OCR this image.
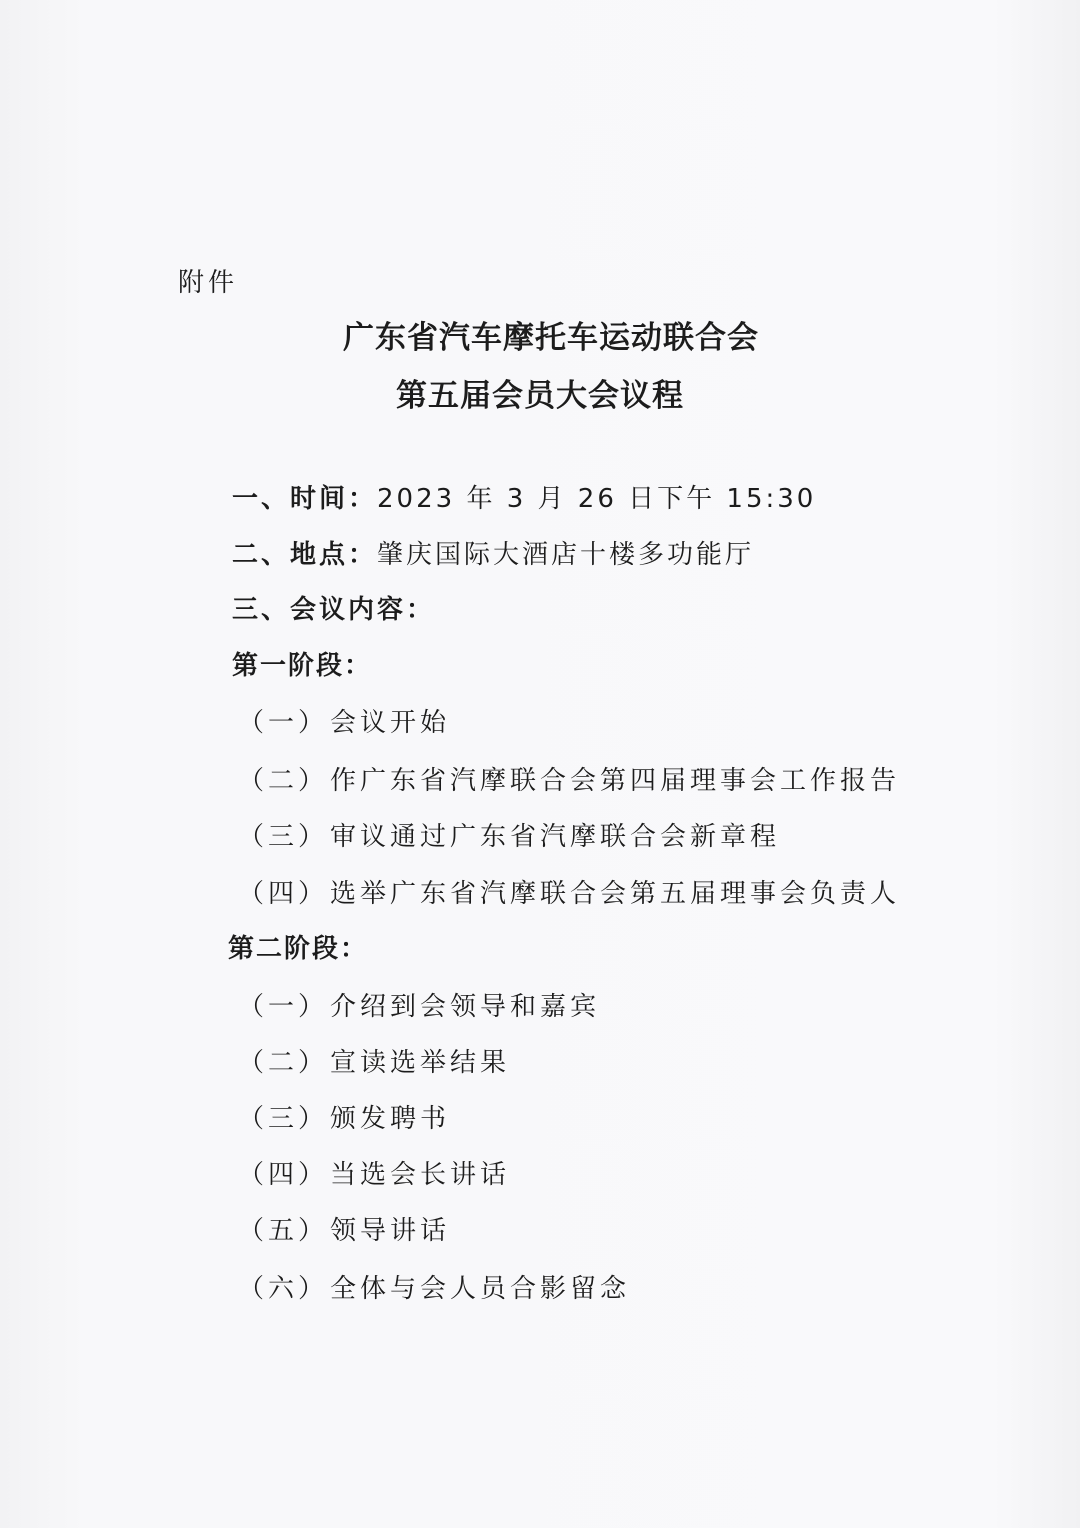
附件
广东省汽车摩托车运动联合会
第五届会员大会议程
一、时间：2023 年 3 月 26 日下午 15:30
二、地点：肇庆国际大酒店十楼多功能厅
三、会议内容：
第一阶段：
（一）会议开始
（二）作广东省汽摩联合会第四届理事会工作报告
（三）审议通过广东省汽摩联合会新章程
（四）选举广东省汽摩联合会第五届理事会负责人
第二阶段：
（一）介绍到会领导和嘉宾
（二）宣读选举结果
（三）颁发聘书
（四）当选会长讲话
（五）领导讲话
（六）全体与会人员合影留念
